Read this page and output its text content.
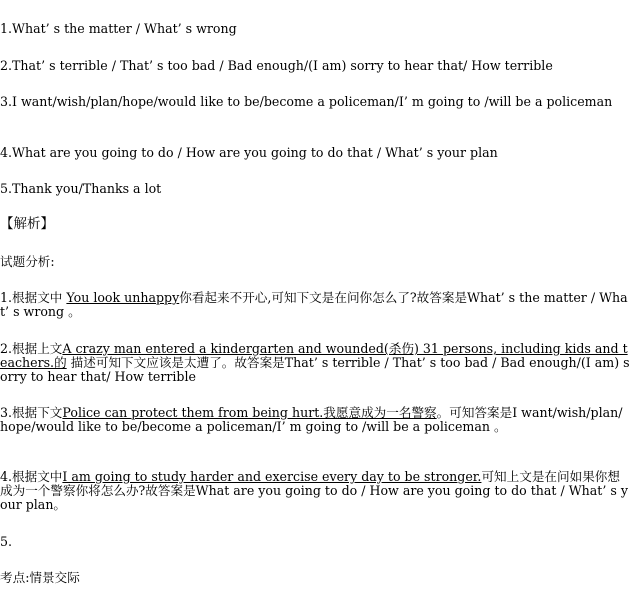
1.What’ s the matter / What’ s wrong
2.That’ s terrible / That’ s too bad / Bad enough/(I am) sorry to hear that/ How terrible
3.I want/wish/plan/hope/would like to be/become a policeman/I’ m going to /will be a policeman
4.What are you going to do / How are you going to do that / What’ s your plan
5.Thank you/Thanks a lot
【解析】
试题分析:
1.根据文中 You look unhappy你看起来不开心,可知下文是在问你怎么了?故答案是What’ s the matter / What’ s wrong 。
2.根据上文A crazy man entered a kindergarten and wounded(杀伤) 31 persons, including kids and teachers.的 描述可知下文应该是太遭了。故答案是That’ s terrible / That’ s too bad / Bad enough/(I am) sorry to hear that/ How terrible
3.根据下文Police can protect them from being hurt.我愿意成为一名警察。可知答案是I want/wish/plan/hope/would like to be/become a policeman/I’ m going to /will be a policeman 。
4.根据文中I am going to study harder and exercise every day to be stronger.可知上文是在问如果你想成为一个警察你将怎么办?故答案是What are you going to do / How are you going to do that / What’ s your plan。
5.
考点:情景交际
